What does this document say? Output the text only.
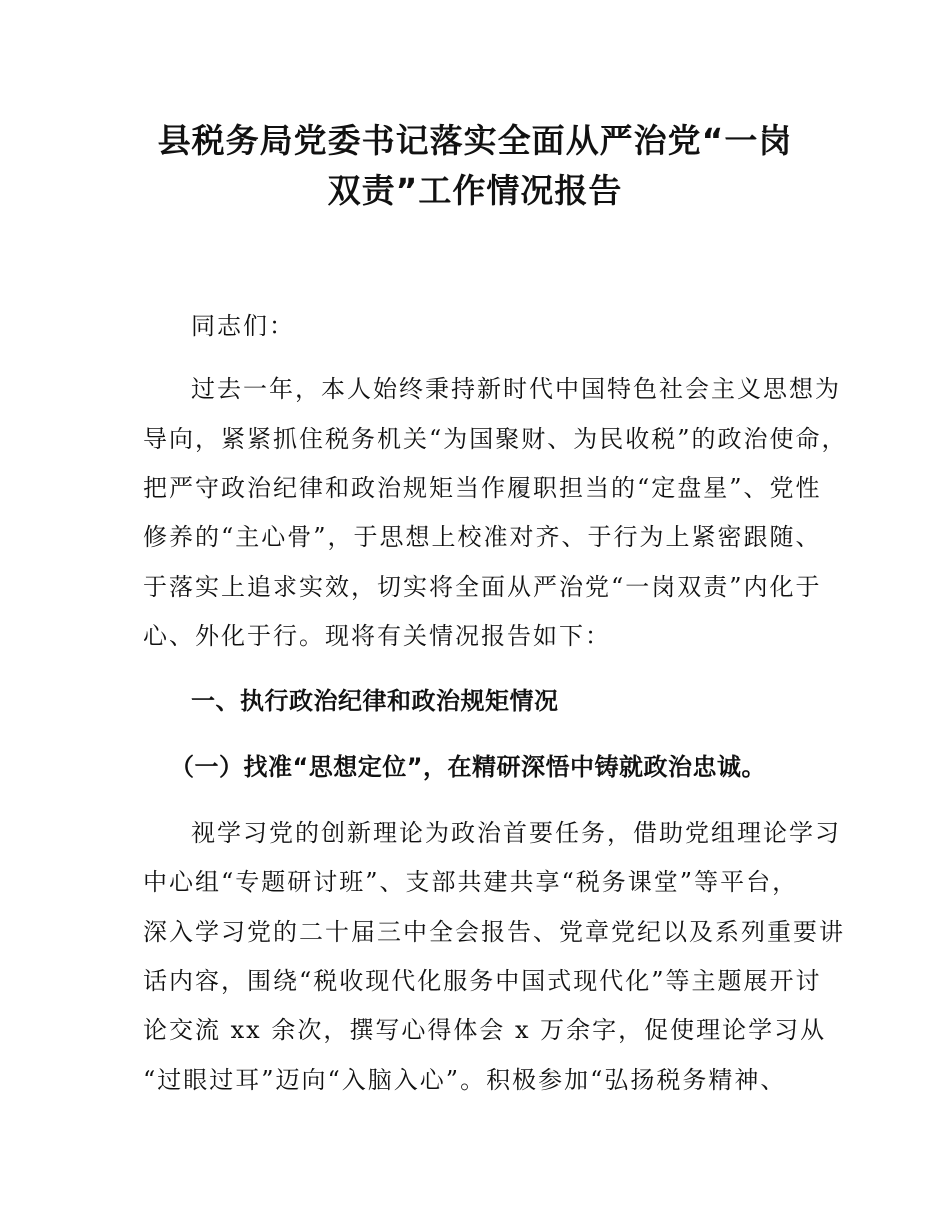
县税务局党委书记落实全面从严治党“一岗
双责”工作情况报告
同志们：
过去一年，本人始终秉持新时代中国特色社会主义思想为
导向，紧紧抓住税务机关“为国聚财、为民收税”的政治使命，
把严守政治纪律和政治规矩当作履职担当的“定盘星”、党性
修养的“主心骨”，于思想上校准对齐、于行为上紧密跟随、
于落实上追求实效，切实将全面从严治党“一岗双责”内化于
心、外化于行。现将有关情况报告如下：
一、执行政治纪律和政治规矩情况
（一）找准“思想定位”，在精研深悟中铸就政治忠诚。
视学习党的创新理论为政治首要任务，借助党组理论学习
中心组“专题研讨班”、支部共建共享“税务课堂”等平台，
深入学习党的二十届三中全会报告、党章党纪以及系列重要讲
话内容，围绕“税收现代化服务中国式现代化”等主题展开讨
论交流 xx 余次，撰写心得体会 x 万余字，促使理论学习从
“过眼过耳”迈向“入脑入心”。积极参加“弘扬税务精神、
